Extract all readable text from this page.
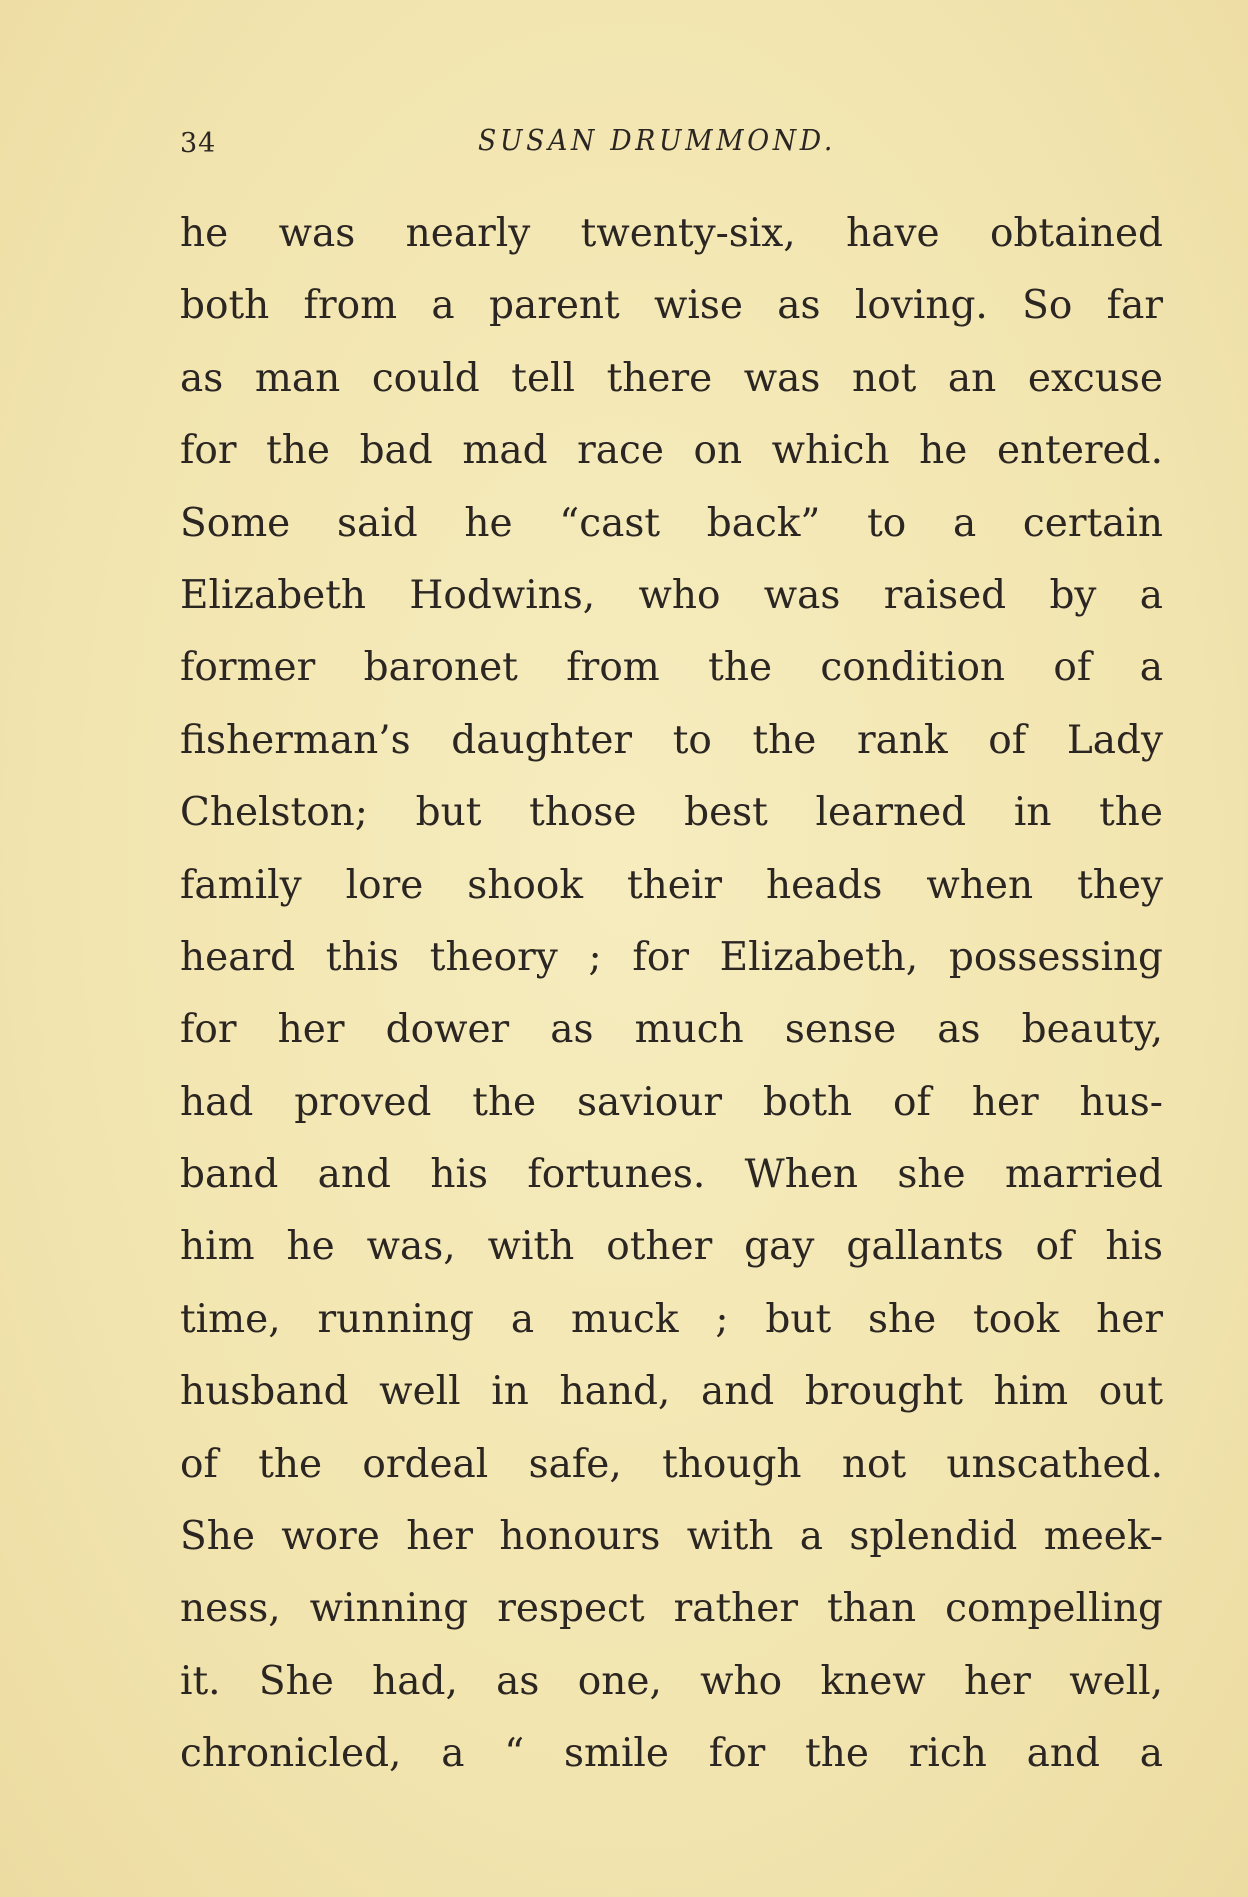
34	SUSAN DRUMMOND.
he was nearly twenty-six, have obtained
both from a parent wise as loving. So far
as man could tell there was not an excuse
for the bad mad race on which he entered.
Some said he “cast back” to a certain
Elizabeth Hodwins, who was raised by a
former baronet from the condition of a
fisherman’s daughter to the rank of Lady
Chelston; but those best learned in the
family lore shook their heads when they
heard this theory ; for Elizabeth, possessing
for her dower as much sense as beauty,
had proved the saviour both of her hus-
band and his fortunes. When she married
him he was, with other gay gallants of his
time, running a muck ; but she took her
husband well in hand, and brought him out
of the ordeal safe, though not unscathed.
She wore her honours with a splendid meek-
ness, winning respect rather than compelling
it. She had, as one, who knew her well,
chronicled, a “ smile for the rich and a
